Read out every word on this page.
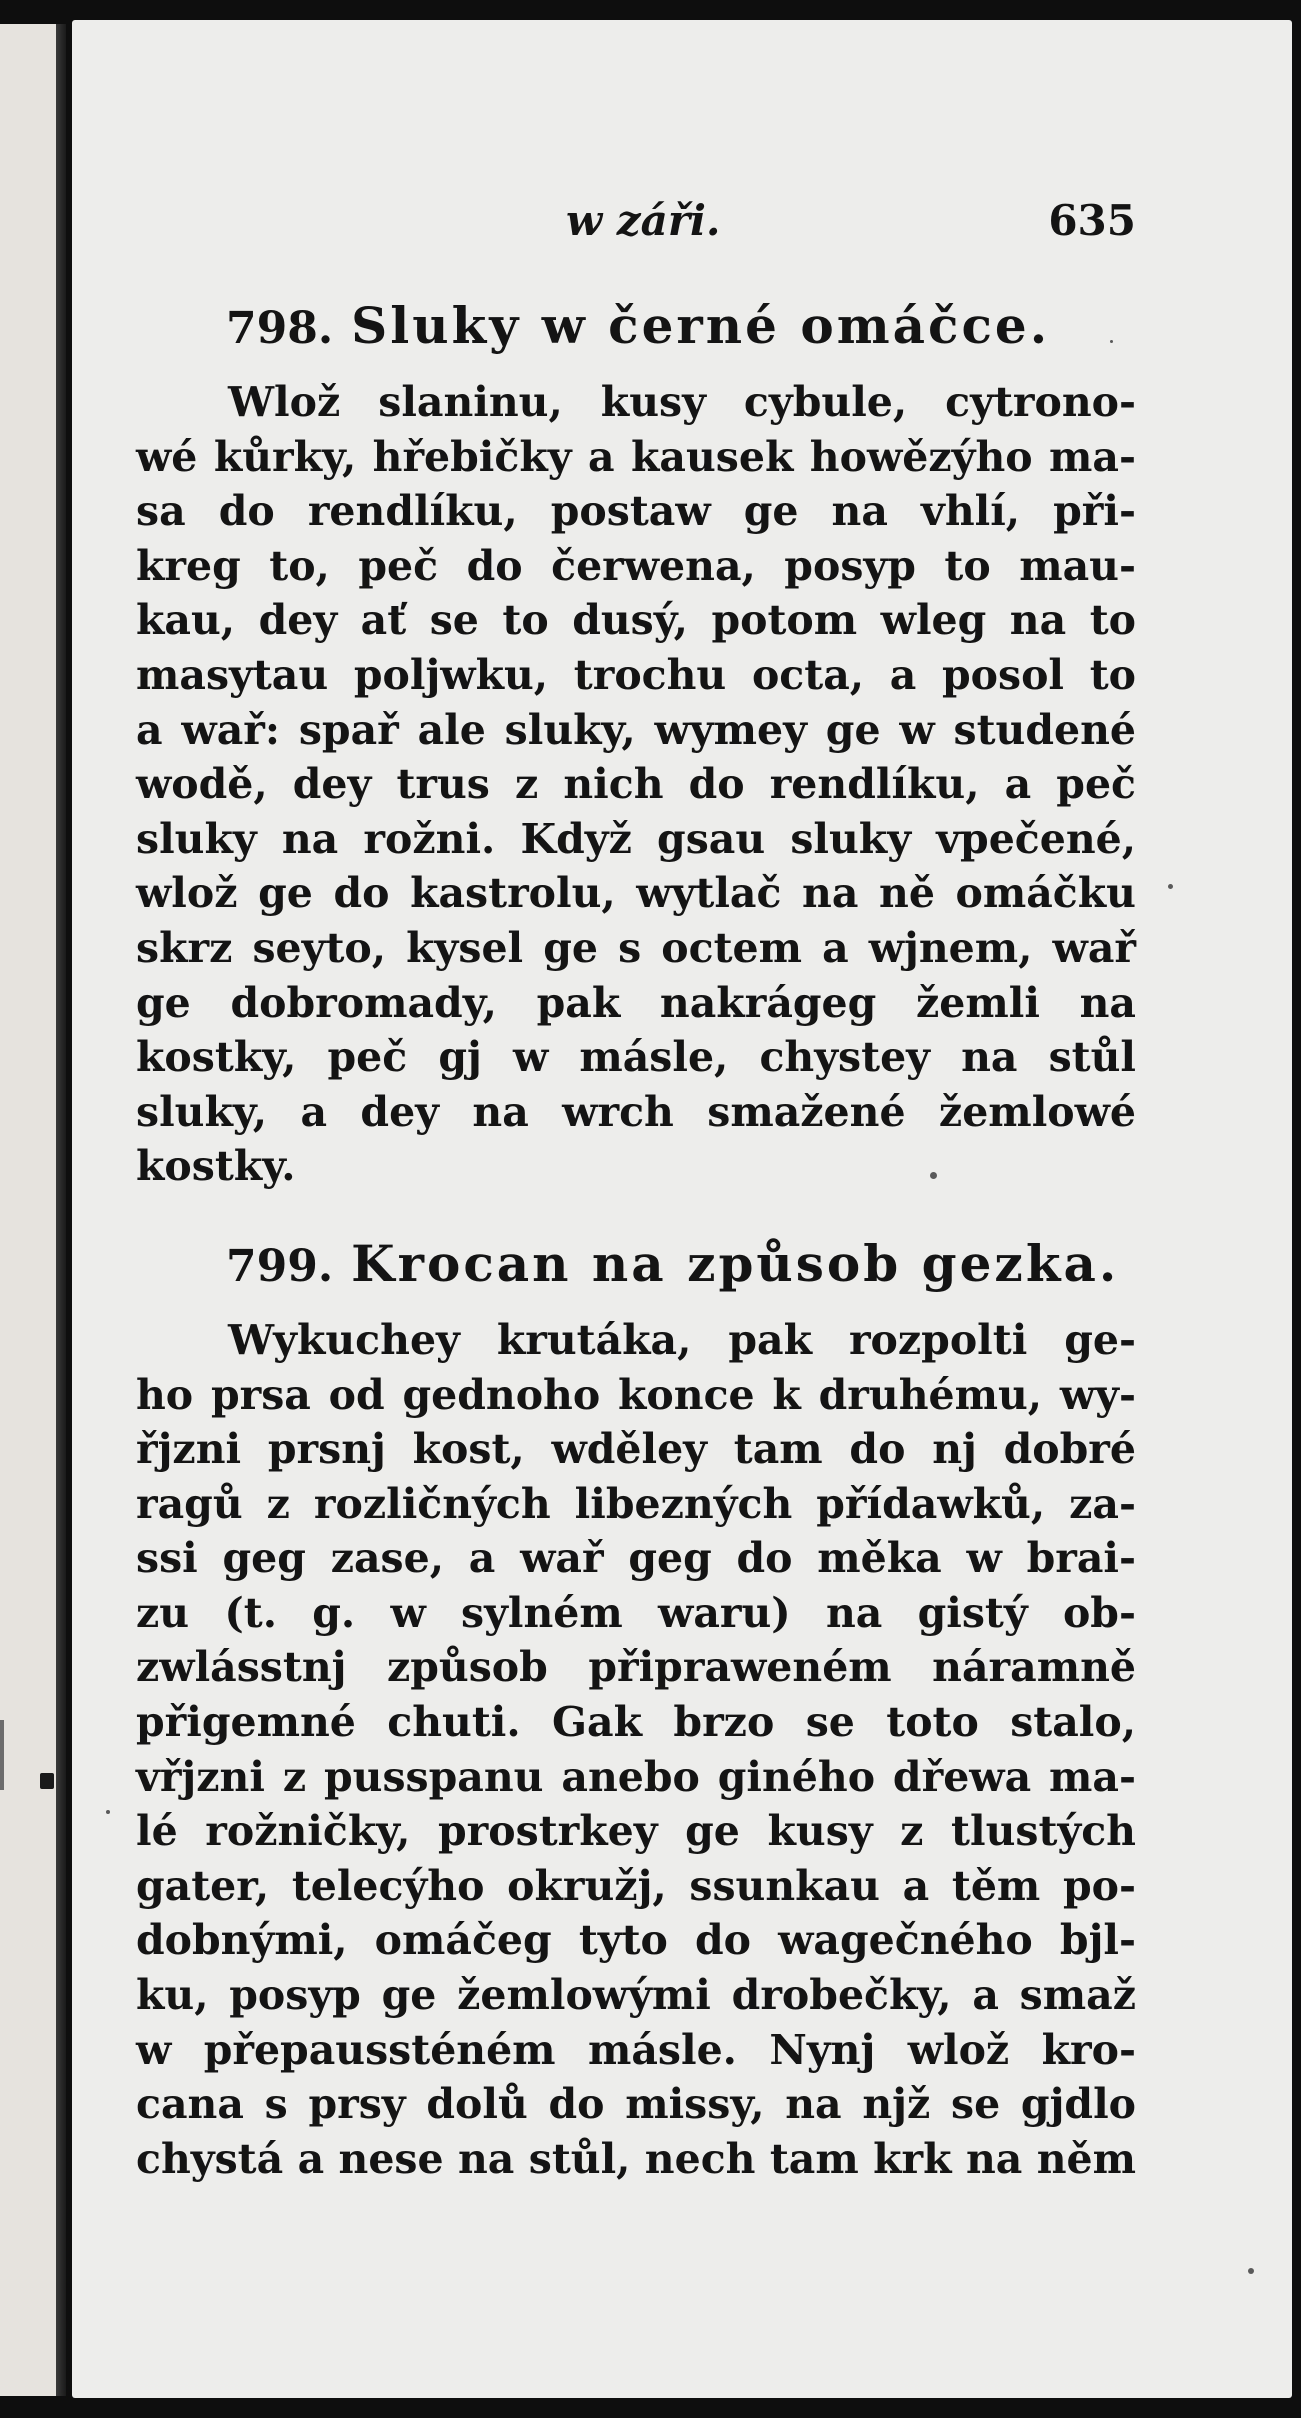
w záři.	635
798. Sluky w černé omáčce.
Wlož slaninu, kusy cybule, cytrono-
wé kůrky, hřebičky a kausek howězýho ma-
sa do rendlíku, postaw ge na vhlí, při-
kreg to, peč do čerwena, posyp to mau-
kau, dey ať se to dusý, potom wleg na to
masytau poljwku, trochu octa, a posol to
a wař: spař ale sluky, wymey ge w studené
wodě, dey trus z nich do rendlíku, a peč
sluky na rožni. Když gsau sluky vpečené,
wlož ge do kastrolu, wytlač na ně omáčku
skrz seyto, kysel ge s octem a wjnem, wař
ge dobromady, pak nakrágeg žemli na
kostky, peč gj w másle, chystey na stůl
sluky, a dey na wrch smažené žemlowé
kostky.
799. Krocan na způsob gezka.
Wykuchey krutáka, pak rozpolti ge-
ho prsa od gednoho konce k druhému, wy-
řjzni prsnj kost, wděley tam do nj dobré
ragů z rozličných libezných přídawků, za-
ssi geg zase, a wař geg do měka w brai-
zu (t. g. w sylném waru) na gistý ob-
zwlásstnj způsob připraweném náramně
přigemné chuti. Gak brzo se toto stalo,
vřjzni z pusspanu anebo giného dřewa ma-
lé rožničky, prostrkey ge kusy z tlustých
gater, telecýho okružj, ssunkau a těm po-
dobnými, omáčeg tyto do wagečného bjl-
ku, posyp ge žemlowými drobečky, a smaž
w přepaussténém másle. Nynj wlož kro-
cana s prsy dolů do missy, na njž se gjdlo
chystá a nese na stůl, nech tam krk na něm
